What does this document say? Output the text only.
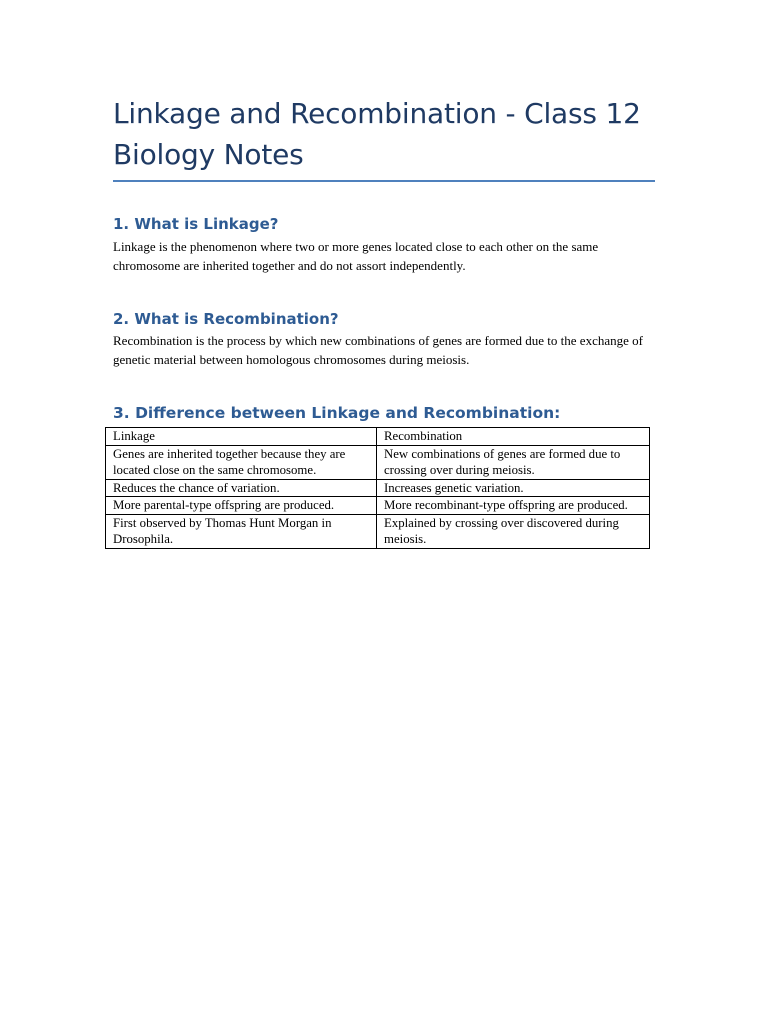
Linkage and Recombination - Class 12 Biology Notes
1. What is Linkage?

Linkage is the phenomenon where two or more genes located close to each other on the same chromosome are inherited together and do not assort independently.

2. What is Recombination?

Recombination is the process by which new combinations of genes are formed due to the exchange of genetic material between homologous chromosomes during meiosis.

3. Difference between Linkage and Recombination:
Linkage	Recombination
Genes are inherited together because they are located close on the same chromosome.	New combinations of genes are formed due to crossing over during meiosis.
Reduces the chance of variation.	Increases genetic variation.
More parental-type offspring are produced.	More recombinant-type offspring are produced.
First observed by Thomas Hunt Morgan in Drosophila.	Explained by crossing over discovered during meiosis.
